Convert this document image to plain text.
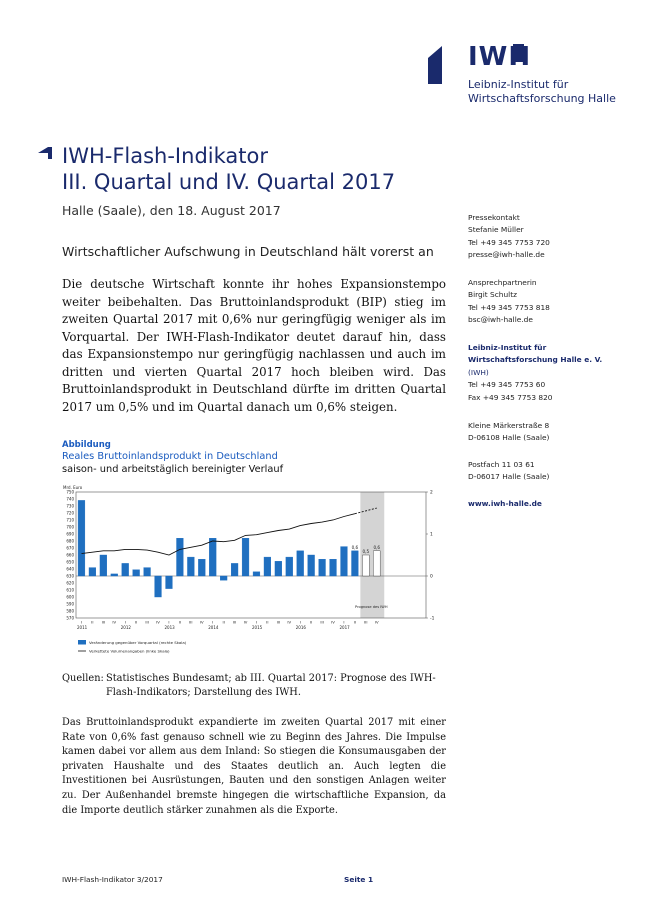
IWH
Leibniz-Institut für
Wirtschaftsforschung Halle
IWH-Flash-Indikator
III. Quartal und IV. Quartal 2017
Halle (Saale), den 18. August 2017
Wirtschaftlicher Aufschwung in Deutschland hält vorerst an
Die deutsche Wirtschaft konnte ihr hohes Expansionstempo weiter beibehalten. Das Bruttoinlandsprodukt (BIP) stieg im zweiten Quartal 2017 mit 0,6% nur geringfügig weniger als im Vorquartal. Der IWH-Flash-Indikator deutet darauf hin, dass das Expansionstempo nur geringfügig nachlassen und auch im dritten und vierten Quartal 2017 hoch bleiben wird. Das Bruttoinlandsprodukt in Deutschland dürfte im dritten Quartal 2017 um 0,5% und im Quartal danach um 0,6% steigen.
Pressekontakt
Stefanie Müller
Tel +49 345 7753 720
presse@iwh-halle.de
Ansprechpartnerin
Birgit Schultz
Tel +49 345 7753 818
bsc@iwh-halle.de
Leibniz-Institut für
Wirtschaftsforschung Halle e. V.
(IWH)
Tel +49 345 7753 60
Fax +49 345 7753 820
Kleine Märkerstraße 8
D-06108 Halle (Saale)
Postfach 11 03 61
D-06017 Halle (Saale)
www.iwh-halle.de
Abbildung
Reales Bruttoinlandsprodukt in Deutschland
saison- und arbeitstäglich bereinigter Verlauf
Prognose des IWH
Mrd. Euro
750
740
730
720
710
700
690
680
670
660
650
640
630
620
610
600
590
580
570	-1
0
1
2
0,6
0,5
0,6
I II III IV I II III IV I II III IV I II III IV I II III IV I II III IV I II III IV
2011	2012	2013	2014	2015	2016	2017
Veränderung gegenüber Vorquartal (rechte Skala)
Verkettete Volumenangaben (linke Skala)
Quellen: Statistisches Bundesamt; ab III. Quartal 2017: Prognose des IWH-Flash-Indikators; Darstellung des IWH.
Das Bruttoinlandsprodukt expandierte im zweiten Quartal 2017 mit einer Rate von 0,6% fast genauso schnell wie zu Beginn des Jahres. Die Impulse kamen dabei vor allem aus dem Inland: So stiegen die Konsumausgaben der privaten Haushalte und des Staates deutlich an. Auch legten die Investitionen bei Ausrüstungen, Bauten und den sonstigen Anlagen weiter zu. Der Außenhandel bremste hingegen die wirtschaftliche Expansion, da die Importe deutlich stärker zunahmen als die Exporte.
IWH-Flash-Indikator 3/2017	Seite 1
